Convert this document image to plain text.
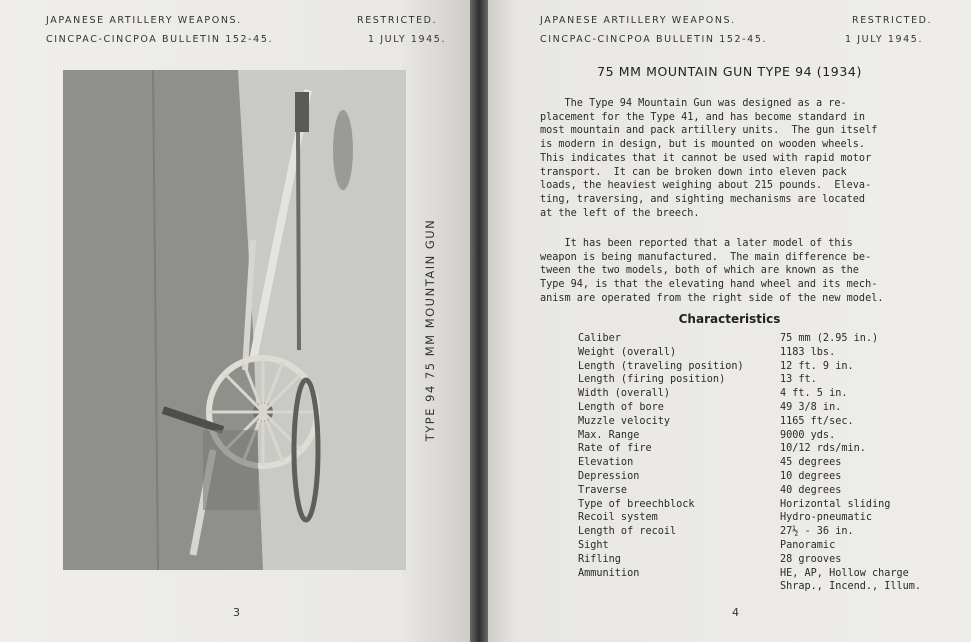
JAPANESE ARTILLERY WEAPONS.
CINCPAC-CINCPOA BULLETIN 152-45.
RESTRICTED.
1 JULY 1945.
TYPE 94 75 MM MOUNTAIN GUN
3
JAPANESE ARTILLERY WEAPONS.
CINCPAC-CINCPOA BULLETIN 152-45.
RESTRICTED.
1 JULY 1945.
75 MM MOUNTAIN GUN TYPE 94 (1934)

The Type 94 Mountain Gun was designed as a re-
placement for the Type 41, and has become standard in
most mountain and pack artillery units.  The gun itself
is modern in design, but is mounted on wooden wheels.
This indicates that it cannot be used with rapid motor
transport.  It can be broken down into eleven pack
loads, the heaviest weighing about 215 pounds.  Eleva-
ting, traversing, and sighting mechanisms are located
at the left of the breech.

It has been reported that a later model of this
weapon is being manufactured.  The main difference be-
tween the two models, both of which are known as the
Type 94, is that the elevating hand wheel and its mech-
anism are operated from the right side of the new model.

Characteristics
Caliber	75 mm (2.95 in.)
Weight (overall)	1183 lbs.
Length (traveling position)	12 ft. 9 in.
Length (firing position)	13 ft.
Width (overall)	4 ft. 5 in.
Length of bore	49 3/8 in.
Muzzle velocity	1165 ft/sec.
Max. Range	9000 yds.
Rate of fire	10/12 rds/min.
Elevation	45 degrees
Depression	10 degrees
Traverse	40 degrees
Type of breechblock	Horizontal sliding
Recoil system	Hydro-pneumatic
Length of recoil	27½ - 36 in.
Sight	Panoramic
Rifling	28 grooves
Ammunition	HE, AP, Hollow charge
Shrap., Incend., Illum.
4
